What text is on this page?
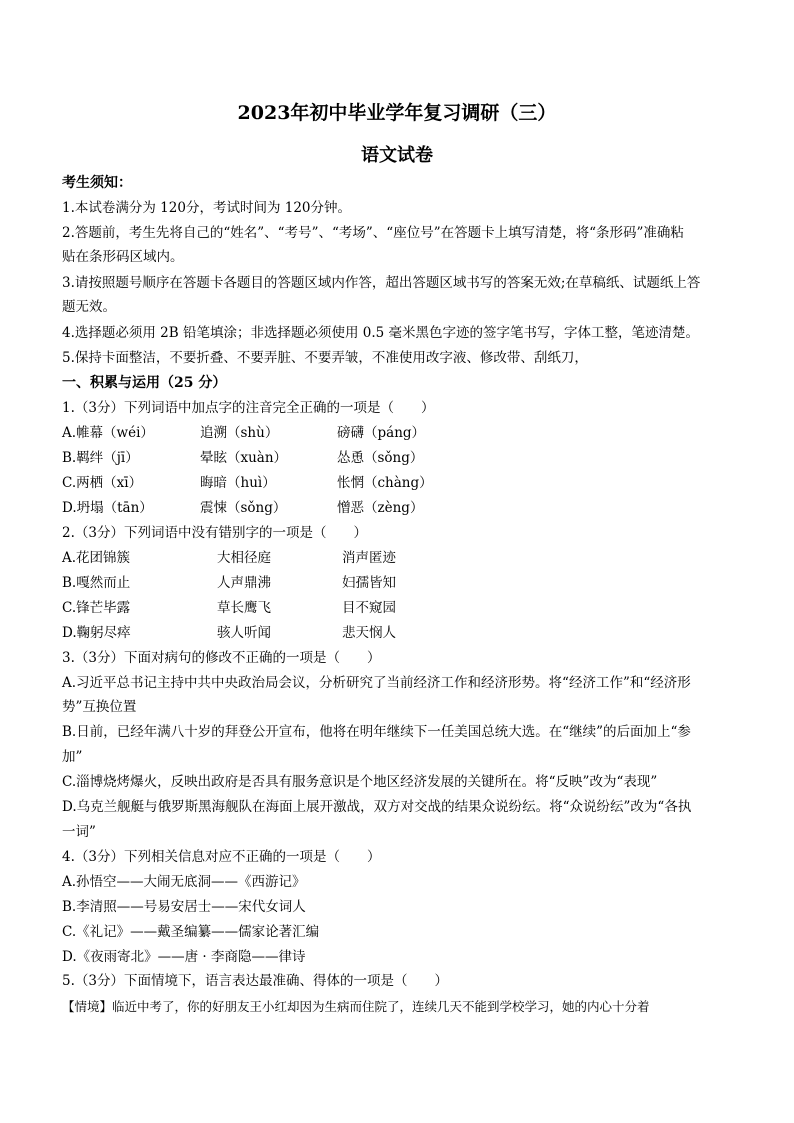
2023年初中毕业学年复习调研（三）
语文试卷
考生须知：
1.本试卷满分为 120分，考试时间为 120分钟。
2.答题前，考生先将自己的“姓名”、“考号”、“考场”、“座位号”在答题卡上填写清楚，将“条形码”准确粘
贴在条形码区域内。
3.请按照题号顺序在答题卡各题目的答题区域内作答，超出答题区域书写的答案无效;在草稿纸、试题纸上答
题无效。
4.选择题必须用 2B 铅笔填涂；非选择题必须使用 0.5 毫米黑色字迹的签字笔书写，字体工整，笔迹清楚。
5.保持卡面整洁，不要折叠、不要弄脏、不要弄皱，不准使用改字液、修改带、刮纸刀，
一、积累与运用（25 分）
1.（3分）下列词语中加点字的注音完全正确的一项是（　　）
A.帷幕（wéi）	追溯（shù）	磅礴（páng）
B.羁绊（jī）	晕眩（xuàn）	怂恿（sǒng）
C.两栖（xī）	晦暗（huì）	怅惘（chàng）
D.坍塌（tān）	震悚（sǒng）	憎恶（zèng）
2.（3分）下列词语中没有错别字的一项是（　　）
A.花团锦簇	大相径庭	消声匿迹
B.嘎然而止	人声鼎沸	妇孺皆知
C.锋芒毕露	草长鹰飞	目不窥园
D.鞠躬尽瘁	骇人听闻	悲天悯人
3.（3分）下面对病句的修改不正确的一项是（　　）
A.习近平总书记主持中共中央政治局会议，分析研究了当前经济工作和经济形势。将“经济工作”和“经济形
势”互换位置
B.日前，已经年满八十岁的拜登公开宣布，他将在明年继续下一任美国总统大选。在“继续”的后面加上“参
加”
C.淄博烧烤爆火，反映出政府是否具有服务意识是个地区经济发展的关键所在。将“反映”改为“表现”
D.乌克兰舰艇与俄罗斯黑海舰队在海面上展开激战，双方对交战的结果众说纷纭。将“众说纷纭”改为“各执
一词”
4.（3分）下列相关信息对应不正确的一项是（　　）
A.孙悟空——大闹无底洞——《西游记》
B.李清照——号易安居士——宋代女词人
C.《礼记》——戴圣编纂——儒家论著汇编
D.《夜雨寄北》——唐 · 李商隐——律诗
5.（3分）下面情境下，语言表达最准确、得体的一项是（　　）
【情境】临近中考了，你的好朋友王小红却因为生病而住院了，连续几天不能到学校学习，她的内心十分着
